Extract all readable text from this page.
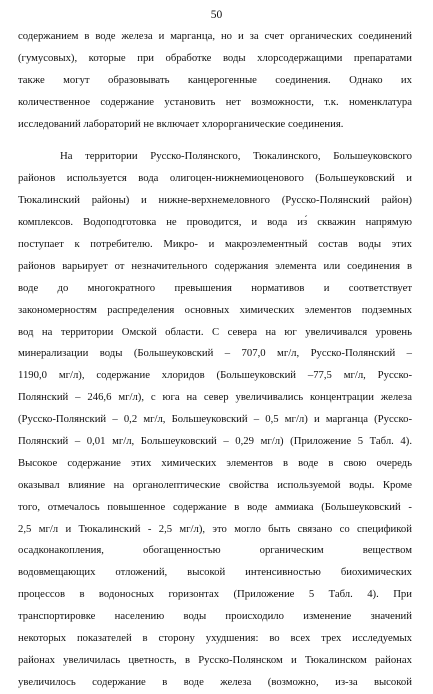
50
содержанием в воде железа и марганца, но и за счет органических соединений
(гумусовых), которые при обработке воды хлорсодержащими препаратами
также могут образовывать канцерогенные соединения. Однако их
количественное содержание установить нет возможности, т.к. номенклатура
исследований лабораторий не включает хлорорганические соединения.
На территории Русско-Полянского, Тюкалинского, Большеуковского
районов используется вода олигоцен-нижнемиоценового (Большеуковский и
Тюкалинский районы) и нижне-верхнемеловного (Русско-Полянский район)
комплексов. Водоподготовка не проводится, и вода из́ скважин напрямую
поступает к потребителю. Микро- и макроэлементный состав воды этих
районов варьирует от незначительного содержания элемента или соединения в
воде до многократного превышения нормативов и соответствует
закономерностям распределения основных химических элементов подземных
вод на территории Омской области. С севера на юг увеличивался уровень
минерализации воды (Большеуковский – 707,0 мг/л, Русско-Полянский –
1190,0 мг/л), содержание хлоридов (Большеуковский –77,5 мг/л, Русско-
Полянский – 246,6 мг/л), с юга на север увеличивались концентрации железа
(Русско-Полянский – 0,2 мг/л, Большеуковский – 0,5 мг/л) и марганца (Русско-
Полянский – 0,01 мг/л, Большеуковский – 0,29 мг/л) (Приложение 5 Табл. 4).
Высокое содержание этих химических элементов в воде в свою очередь
оказывал влияние на органолептические свойства используемой воды. Кроме
того, отмечалось повышенное содержание в воде аммиака (Большеуковский -
2,5 мг/л и Тюкалинский - 2,5 мг/л), это могло быть связано со спецификой
осадконакопления, обогащенностью органическим веществом
водовмещающих отложений, высокой интенсивностью биохимических
процессов в водоносных горизонтах (Приложение 5 Табл. 4). При
транспортировке населению воды происходило изменение значений
некоторых показателей в сторону ухудшения: во всех трех исследуемых
районах увеличилась цветность, в Русско-Полянском и Тюкалинском районах
увеличилось содержание в воде железа (возможно, из-за высокой
